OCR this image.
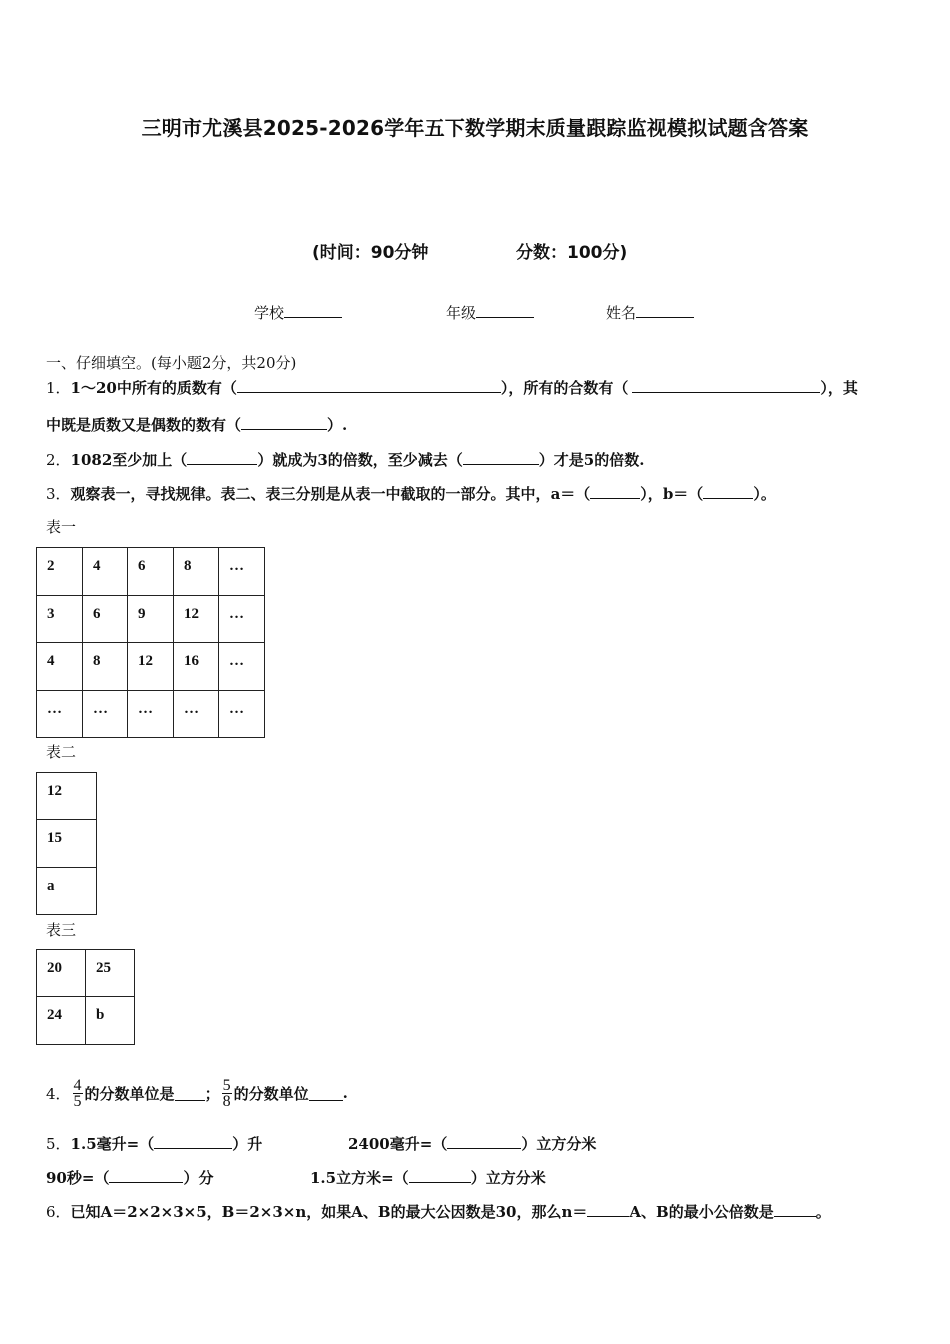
三明市尤溪县2025-2026学年五下数学期末质量跟踪监视模拟试题含答案
(时间：90分钟	分数：100分)
学校	年级	姓名
一、仔细填空。(每小题2分，共20分)
1．1～20中所有的质数有（	），所有的合数有（	），其
中既是质数又是偶数的数有（	）.
2．1082至少加上（	）就成为3的倍数，至少减去（	）才是5的倍数.
3．观察表一，寻找规律。表二、表三分别是从表一中截取的一部分。其中，a＝（	），b＝（	）。
表一
2	4	6	8	…
3	6	9	12	…
4	8	12	16	…
…	…	…	…	…
表二
12
15
a
表三
20	25
24	b
4． $\frac{4}{5}$ 的分数单位是 ； $\frac{5}{8}$ 的分数单位 .
5．1.5毫升=（	）升	2400毫升=（	）立方分米
90秒=（	）分	1.5立方米=（	）立方分米
6．已知A＝2×2×3×5，B＝2×3×n，如果A、B的最大公因数是30，那么n＝	A、B的最小公倍数是	。
